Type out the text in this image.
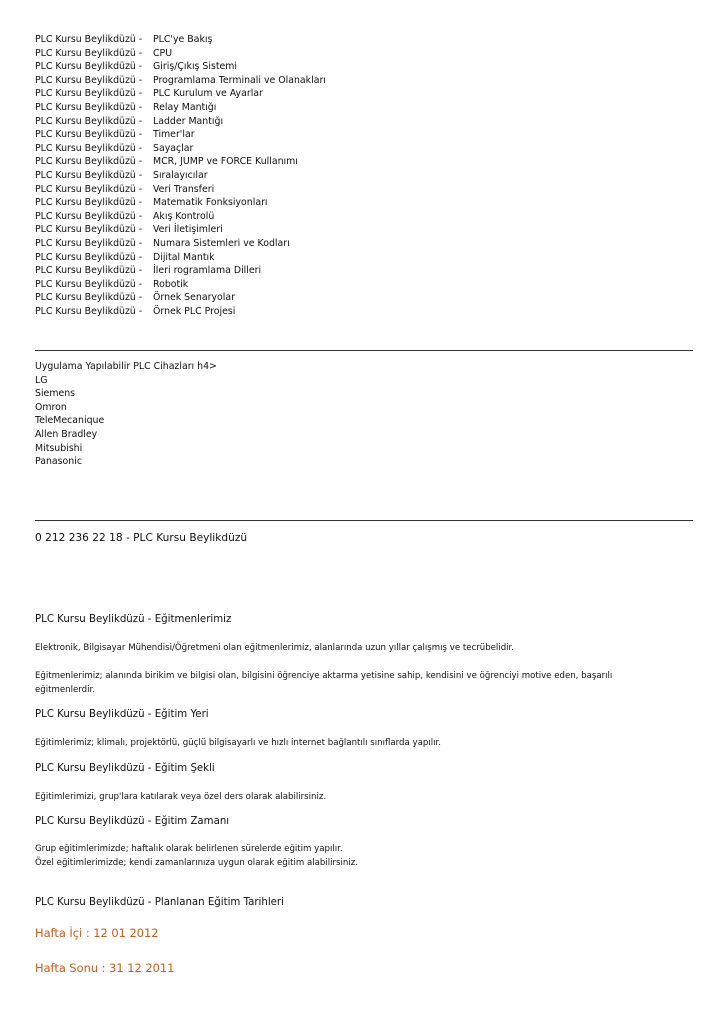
PLC Kursu Beylikdüzü - PLC'ye Bakış
PLC Kursu Beylikdüzü - CPU
PLC Kursu Beylikdüzü - Giriş/Çıkış Sistemi
PLC Kursu Beylikdüzü - Programlama Terminali ve Olanakları
PLC Kursu Beylikdüzü - PLC Kurulum ve Ayarlar
PLC Kursu Beylikdüzü - Relay Mantığı
PLC Kursu Beylikdüzü - Ladder Mantığı
PLC Kursu Beylikdüzü - Timer'lar
PLC Kursu Beylikdüzü - Sayaçlar
PLC Kursu Beylikdüzü - MCR, JUMP ve FORCE Kullanımı
PLC Kursu Beylikdüzü - Sıralayıcılar
PLC Kursu Beylikdüzü - Veri Transferi
PLC Kursu Beylikdüzü - Matematik Fonksiyonları
PLC Kursu Beylikdüzü - Akış Kontrolü
PLC Kursu Beylikdüzü - Veri İletişimleri
PLC Kursu Beylikdüzü - Numara Sistemleri ve Kodları
PLC Kursu Beylikdüzü - Dijital Mantık
PLC Kursu Beylikdüzü - İleri rogramlama Dilleri
PLC Kursu Beylikdüzü - Robotik
PLC Kursu Beylikdüzü - Örnek Senaryolar
PLC Kursu Beylikdüzü - Örnek PLC Projesi
Uygulama Yapılabilir PLC Cihazları h4>
LG
Siemens
Omron
TeleMecanique
Allen Bradley
Mitsubishi
Panasonic
0 212 236 22 18 - PLC Kursu Beylikdüzü
PLC Kursu Beylikdüzü - Eğitmenlerimiz
Elektronik, Bilgisayar Mühendisi/Öğretmeni olan eğitmenlerimiz, alanlarında uzun yıllar çalışmış ve tecrübelidir.
Eğitmenlerimiz; alanında birikim ve bilgisi olan, bilgisini öğrenciye aktarma yetisine sahip, kendisini ve öğrenciyi motive eden, başarılı
eğitmenlerdir.
PLC Kursu Beylikdüzü - Eğitim Yeri
Eğitimlerimiz; klimalı, projektörlü, güçlü bilgisayarlı ve hızlı internet bağlantılı sınıflarda yapılır.
PLC Kursu Beylikdüzü - Eğitim Şekli
Eğitimlerimizi, grup'lara katılarak veya özel ders olarak alabilirsiniz.
PLC Kursu Beylikdüzü - Eğitim Zamanı
Grup eğitimlerimizde; haftalık olarak belirlenen sürelerde eğitim yapılır.
Özel eğitimlerimizde; kendi zamanlarınıza uygun olarak eğitim alabilirsiniz.
PLC Kursu Beylikdüzü - Planlanan Eğitim Tarihleri
Hafta İçi : 12 01 2012
Hafta Sonu : 31 12 2011
